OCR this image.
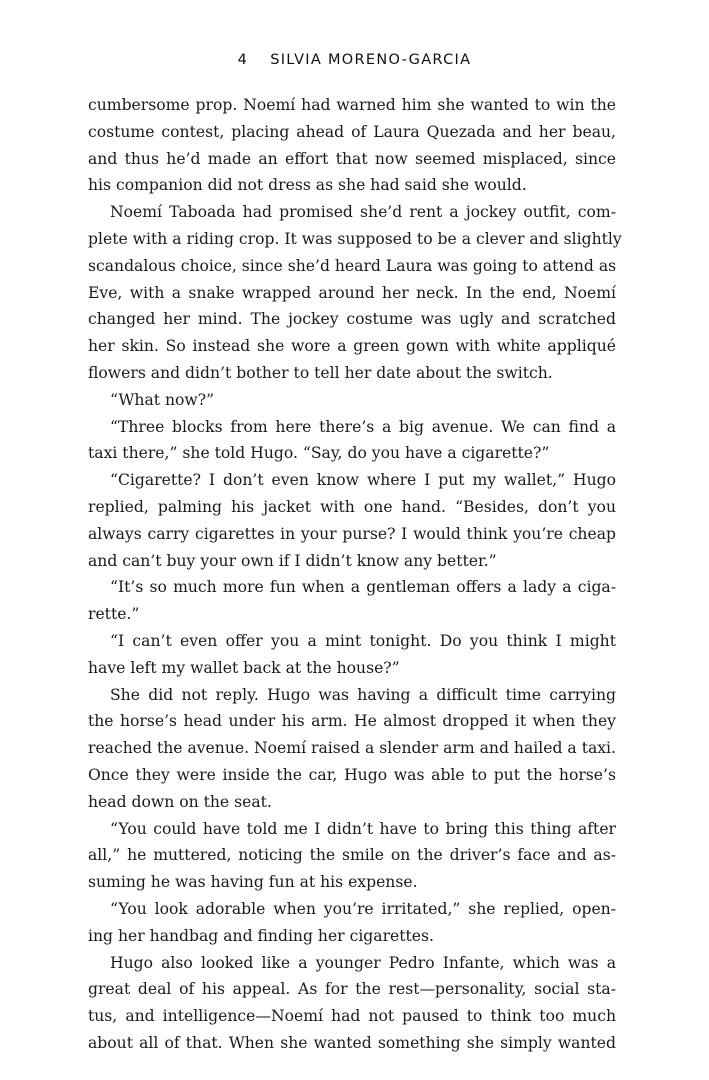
4 SILVIA MORENO-GARCIA
cumbersome prop. Noemí had warned him she wanted to win the
costume contest, placing ahead of Laura Quezada and her beau,
and thus he’d made an effort that now seemed misplaced, since
his companion did not dress as she had said she would.
Noemí Taboada had promised she’d rent a jockey outfit, com-
plete with a riding crop. It was supposed to be a clever and slightly
scandalous choice, since she’d heard Laura was going to attend as
Eve, with a snake wrapped around her neck. In the end, Noemí
changed her mind. The jockey costume was ugly and scratched
her skin. So instead she wore a green gown with white appliqué
flowers and didn’t bother to tell her date about the switch.
“What now?”
“Three blocks from here there’s a big avenue. We can find a
taxi there,” she told Hugo. “Say, do you have a cigarette?”
“Cigarette? I don’t even know where I put my wallet,” Hugo
replied, palming his jacket with one hand. “Besides, don’t you
always carry cigarettes in your purse? I would think you’re cheap
and can’t buy your own if I didn’t know any better.”
“It’s so much more fun when a gentleman offers a lady a ciga-
rette.”
“I can’t even offer you a mint tonight. Do you think I might
have left my wallet back at the house?”
She did not reply. Hugo was having a difficult time carrying
the horse’s head under his arm. He almost dropped it when they
reached the avenue. Noemí raised a slender arm and hailed a taxi.
Once they were inside the car, Hugo was able to put the horse’s
head down on the seat.
“You could have told me I didn’t have to bring this thing after
all,” he muttered, noticing the smile on the driver’s face and as-
suming he was having fun at his expense.
“You look adorable when you’re irritated,” she replied, open-
ing her handbag and finding her cigarettes.
Hugo also looked like a younger Pedro Infante, which was a
great deal of his appeal. As for the rest—personality, social sta-
tus, and intelligence—Noemí had not paused to think too much
about all of that. When she wanted something she simply wanted
